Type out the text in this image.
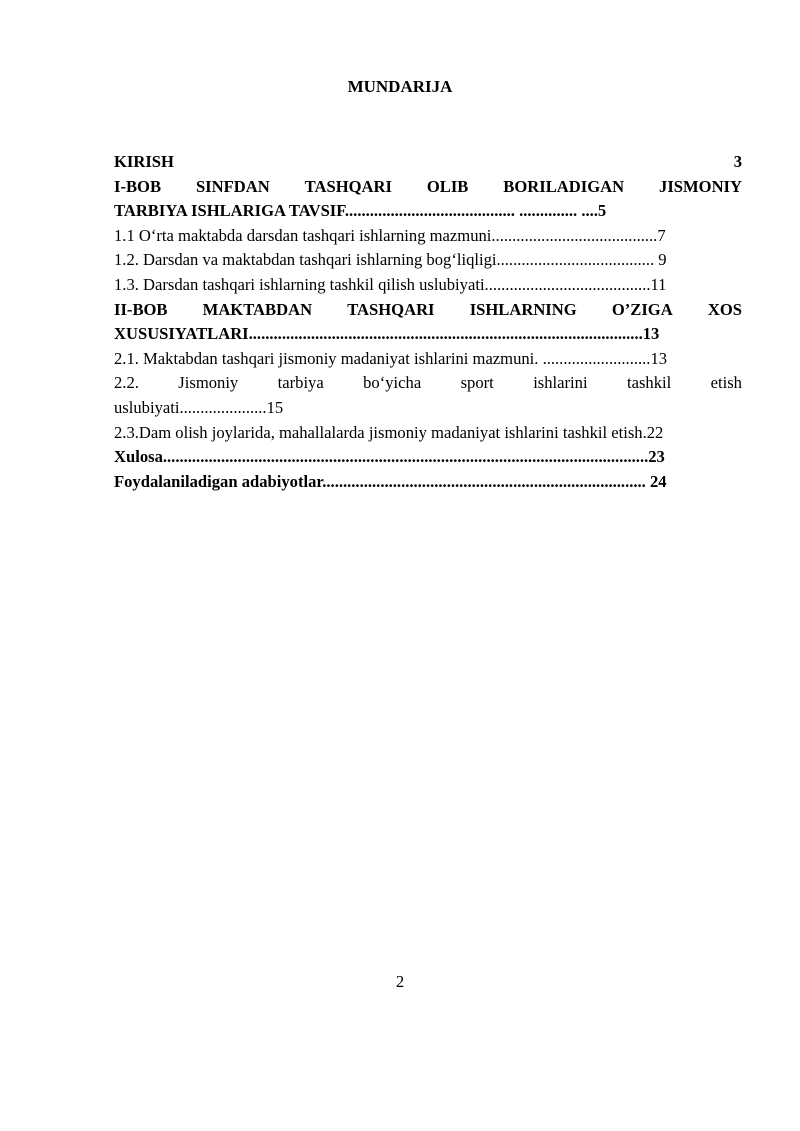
MUNDARIJA
KIRISH	3
I-BOB SINFDAN TASHQARI OLIB BORILADIGAN JISMONIY
TARBIYA ISHLARIGA TAVSIF......................................... .............. ....5
1.1 O‘rta maktabda darsdan tashqari ishlarning mazmuni........................................7
1.2. Darsdan va maktabdan tashqari ishlarning bog‘liqligi...................................... 9
1.3. Darsdan tashqari ishlarning tashkil qilish uslubiyati........................................11
II-BOB MAKTABDAN TASHQARI ISHLARNING O’ZIGA XOS
XUSUSIYATLARI...............................................................................................13
2.1. Maktabdan tashqari jismoniy madaniyat ishlarini mazmuni. ..........................13
2.2. Jismoniy tarbiya bo‘yicha sport ishlarini tashkil etish
uslubiyati.....................15
2.3.Dam olish joylarida, mahallalarda jismoniy madaniyat ishlarini tashkil etish.22
Xulosa.....................................................................................................................23
Foydalaniladigan adabiyotlar.............................................................................. 24
2
